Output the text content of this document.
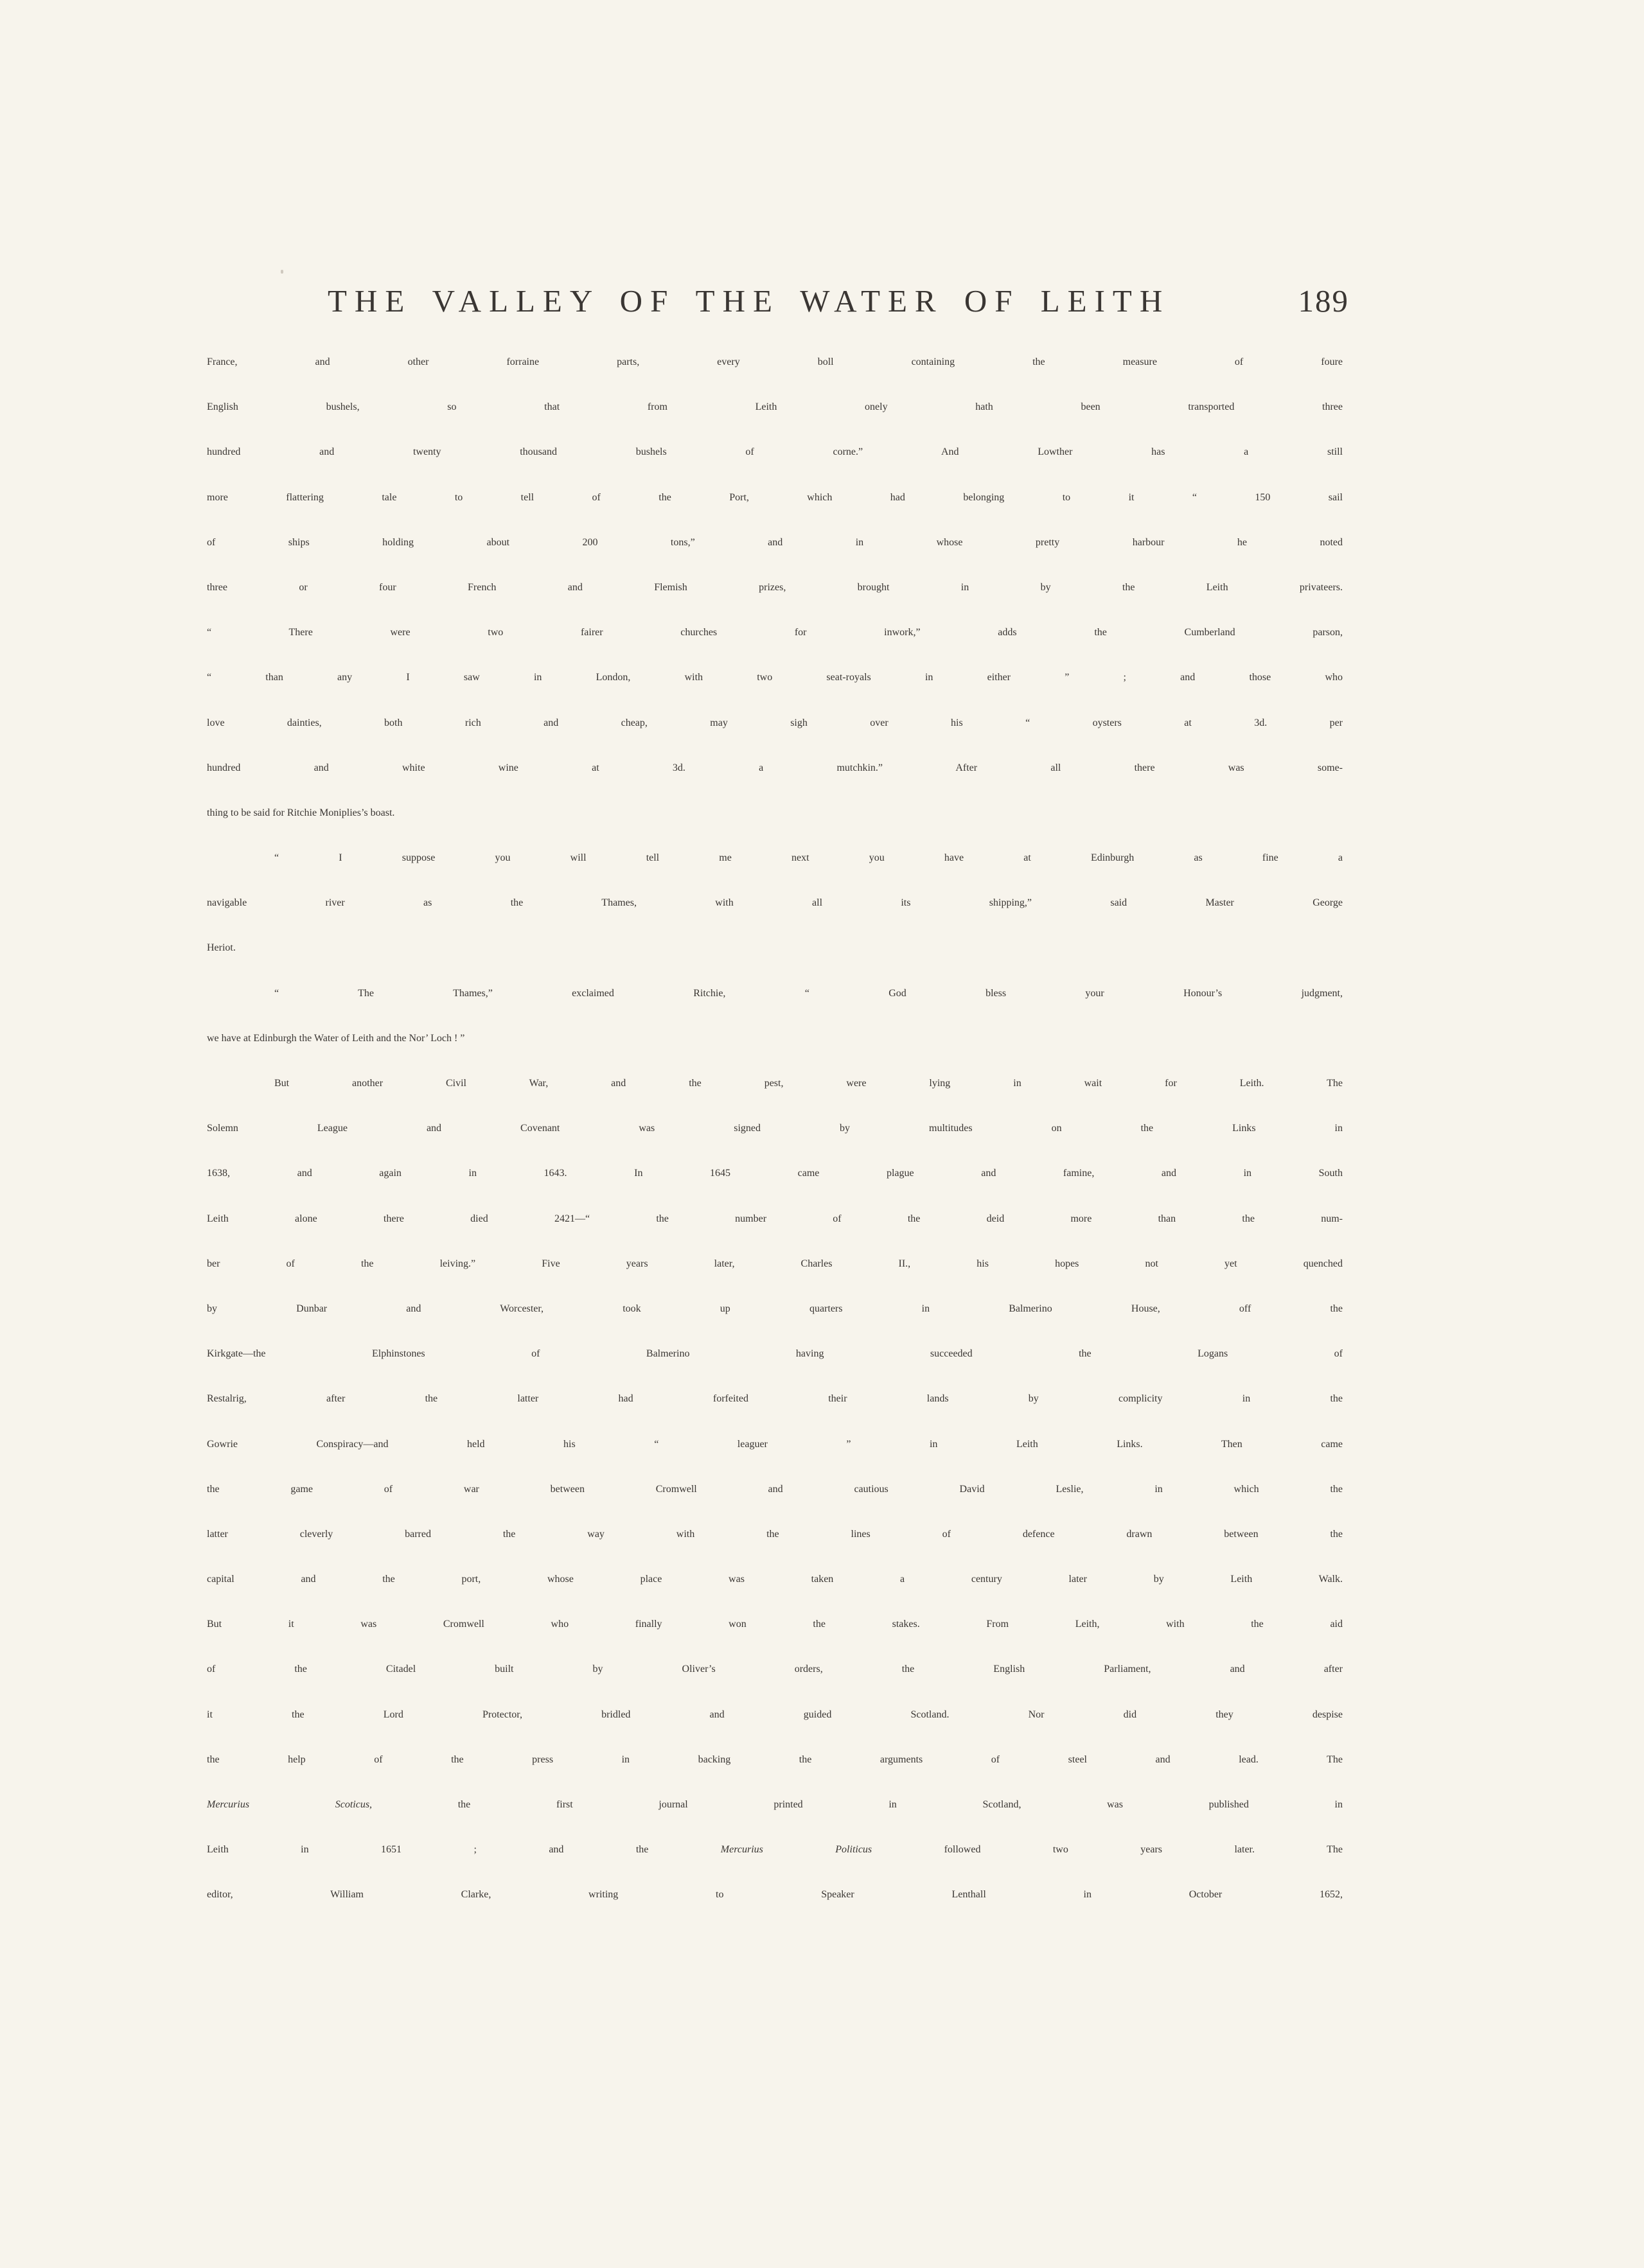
THE VALLEY OF THE WATER OF LEITH	189
France, and other forraine parts, every boll containing the measure of foure
English bushels, so that from Leith onely hath been transported three
hundred and twenty thousand bushels of corne.” And Lowther has a still
more flattering tale to tell of the Port, which had belonging to it “ 150 sail
of ships holding about 200 tons,” and in whose pretty harbour he noted
three or four French and Flemish prizes, brought in by the Leith privateers.
“ There were two fairer churches for inwork,” adds the Cumberland parson,
“ than any I saw in London, with two seat-royals in either ” ; and those who
love dainties, both rich and cheap, may sigh over his “ oysters at 3d. per
hundred and white wine at 3d. a mutchkin.” After all there was some-
thing to be said for Ritchie Moniplies’s boast.
“ I suppose you will tell me next you have at Edinburgh as fine a
navigable river as the Thames, with all its shipping,” said Master George
Heriot.
“ The Thames,” exclaimed Ritchie, “ God bless your Honour’s judgment,
we have at Edinburgh the Water of Leith and the Nor’ Loch ! ”
But another Civil War, and the pest, were lying in wait for Leith. The
Solemn League and Covenant was signed by multitudes on the Links in
1638, and again in 1643. In 1645 came plague and famine, and in South
Leith alone there died 2421—“ the number of the deid more than the num-
ber of the leiving.” Five years later, Charles II., his hopes not yet quenched
by Dunbar and Worcester, took up quarters in Balmerino House, off the
Kirkgate—the Elphinstones of Balmerino having succeeded the Logans of
Restalrig, after the latter had forfeited their lands by complicity in the
Gowrie Conspiracy—and held his “ leaguer ” in Leith Links. Then came
the game of war between Cromwell and cautious David Leslie, in which the
latter cleverly barred the way with the lines of defence drawn between the
capital and the port, whose place was taken a century later by Leith Walk.
But it was Cromwell who finally won the stakes. From Leith, with the aid
of the Citadel built by Oliver’s orders, the English Parliament, and after
it the Lord Protector, bridled and guided Scotland. Nor did they despise
the help of the press in backing the arguments of steel and lead. The
Mercurius Scoticus, the first journal printed in Scotland, was published in
Leith in 1651 ; and the Mercurius Politicus followed two years later. The
editor, William Clarke, writing to Speaker Lenthall in October 1652,
